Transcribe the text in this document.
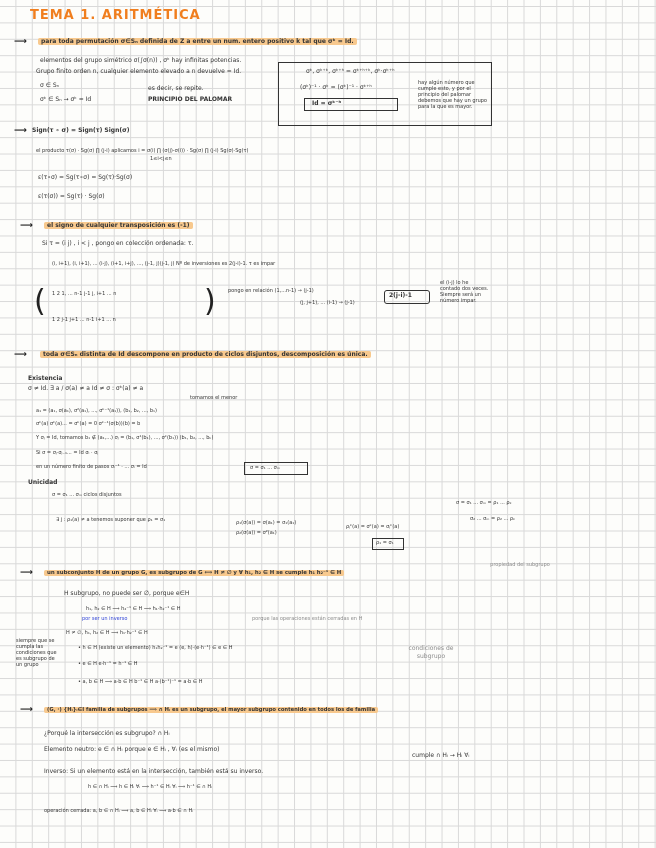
TEMA 1. ARITMÉTICA
⟶	para toda permutación σ∈Sₙ definida de Z a entre un num. entero positivo k tal que σᵏ = Id.
elementos del grupo simétrico σ(∫σ(n)) , σᵏ hay infinitas potencias.
Grupo finito orden n, cualquier elemento elevado a n devuelve = Id.
σ ∈ Sₙ
σᵏ ∈ Sₙ → σᵏ = Id
es decir, se repite.
PRINCIPIO DEL PALOMAR
σᵏ, σᵏ⁺ᵏ, σᵏ⁺ʰ = σᵏ⁺ʰ⁺ᵏ, σᵏ·σᵏ⁺ʰ
(σᵏ)⁻¹ · σᵏ = (σᵏ)⁻¹ · σᵏ⁺ʰ
Id = σᵏ⁻ʰ
hay algún número que cumple esto, y por el principio del palomar debemos que hay un grupo para la que es mayor.
⟶ Sign(τ ∘ σ) = Sign(τ) Sign(σ)
el producto τ(σ) · Sg(σ) ∏ (j-i) aplicamos i = σ(i) ∏ (σ(j)-σ(i)) · Sg(σ) ∏ (j-i) Sg(σ)·Sg(τ)
1≤i<j≤n
ε(τ∘σ) = Sg(τ∘σ) = Sg(τ)·Sg(σ)
ε(τ(σ)) = Sg(τ) · Sg(σ)
⟶	el signo de cualquier transposición es (-1)
Si τ = (i j) , i < j , pongo en colección ordenada: τ.
(i, i+1), (i, i+1), ... (i-j), (i+1, i+j), ..., (j-1, j)(j-1, j) Nº de inversiones es 2(j-i)-1. τ es impar
(	)
1 2 1, ... n-1 j-1 j, i+1 ... n
1 2 j-1 j+1 ... n-1 i+1 ... n
pongo en relación (1,...n-1) → (j-1)
(j, j+1), ... (i-1) → (j-1)
2(j-i)-1
el (i-j) lo he contado dos veces. Siempre será un número impar.
⟶	toda σ∈Sₙ distinta de Id descompone en producto de ciclos disjuntos, descomposición es única.
Existencia
σ ≠ Id. ∃ a / σ(a) ≠ a Id ≠ σ : σᵏ(a) ≠ a
tomamos el menor
a₁ = (a₁, σ(a₁), σ²(a₁), ..., σᵏ⁻¹(a₁)), (b₁, b₂, ..., b₁)
σᵏ(a) σᵏ(a)... = σᵏ(a) = 0 σᵏ⁻¹(σ(b))(b) = b
Y σⱼ = Id, tomamos b₁ ∉ (a₁,...) σⱼ = (b₁, σ¹(b₁), ..., σᵏ(b₁)) (b₁, b₂, ..., bₖ)
Si σ = σⱼ·σⱼ₋₁... = Id σᵢ · σⱼ
en un número finito de pasos σᵢ⁻¹ · ... σᵢ = Id	σ = σ₁ ... σₘ
Unicidad
σ = σ₁ ... σₘ ciclos disjuntos
∃ j : ρ₁(a) ≠ a tenemos suponer que ρ₁ = σ₁	ρ₁(σ(a)) = σ(a₁) = σ₁(a₁)
ρ₂(σ(a)) = σ²(a₁)
ρⱼᵏ(a) = σᵏ(a) = σⱼᵏ(a)
ρ₁ = σ₁
σ = σ₁ ... σₘ = ρ₁ ... ρₖ
σ₂ ... σₘ = ρ₂ ... ρₖ
⟶	un subconjunto H de un grupo G, es subgrupo de G ⟺ H ≠ ∅ y ∀ h₁, h₂ ∈ H se cumple h₁ h₂⁻¹ ∈ H
propiedad del subgrupo
H subgrupo, no puede ser ∅, porque e∈H
h₁, h₂ ∈ H ⟹ h₂⁻¹ ∈ H ⟹ h₁·h₂⁻¹ ∈ H
por ser un inverso	porque las operaciones están cerradas en H
H ≠ ∅, h₁, h₂ ∈ H ⟹ h₁·h₂⁻¹ ∈ H
• h ∈ H (existe un elemento) h₁h₂⁻¹ = e (e, h)·(e·h⁻¹) ∈ e ∈ H
• e ∈ H e·h⁻¹ = h⁻¹ ∈ H
• a, b ∈ H ⟹ a·b ∈ H b⁻¹ ∈ H a·(b⁻¹)⁻¹ = a·b ∈ H
siempre que se cumpla las condiciones que es subgrupo de un grupo
condiciones de subgrupo
⟶	(G, ·) {Hᵢ}ᵢ∈I familia de subgrupos ⟹ ∩ Hᵢ es un subgrupo, el mayor subgrupo contenido en todos los de familia
¿Porqué la intersección es subgrupo? ∩ Hᵢ
Elemento neutro: e ∈ ∩ Hᵢ porque e ∈ Hᵢ , ∀ᵢ (es el mismo)
Inverso: Si un elemento está en la intersección, también está su inverso.
h ∈ ∩ Hᵢ ⟹ h ∈ Hᵢ ∀ᵢ ⟹ h⁻¹ ∈ Hᵢ ∀ᵢ ⟹ h⁻¹ ∈ ∩ Hᵢ
operación cerrada: a, b ∈ ∩ Hᵢ ⟹ a, b ∈ Hᵢ ∀ᵢ ⟹ a·b ∈ ∩ Hᵢ
cumple ∩ Hᵢ → Hᵢ ∀ᵢ
